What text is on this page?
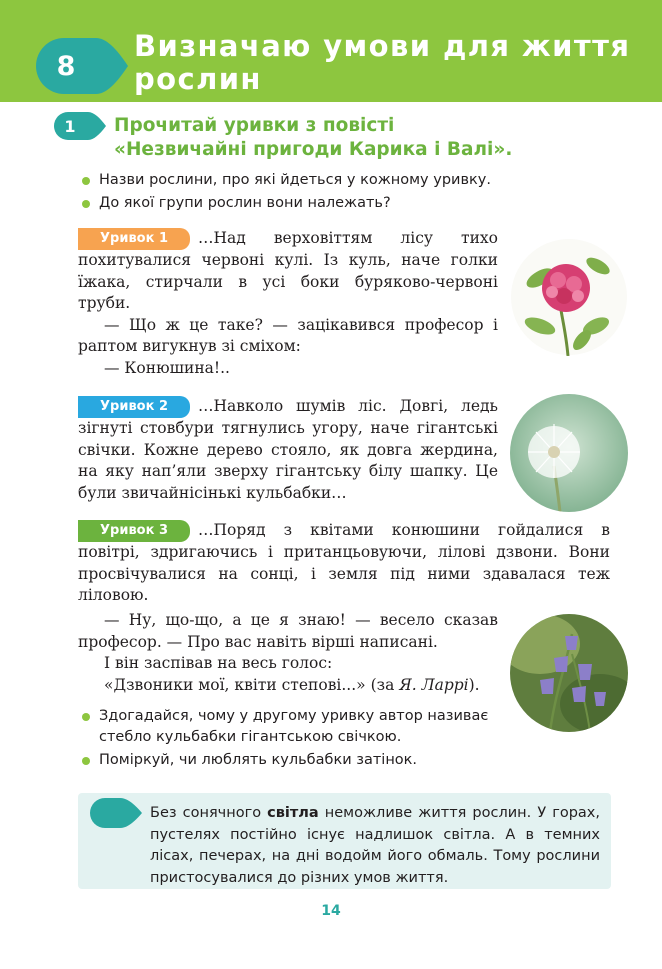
8
Визначаю умови для життя рослин
1	Прочитай уривки з повісті
«Незвичайні пригоди Карика і Валі».
Назви рослини, про які йдеться у кожному уривку.
До якої групи рослин вони належать?

Уривок 1 …Над верховіттям лісу тихо похитувалися червоні кулі. Із куль, наче голки їжака, стирчали в усі боки буряково-червоні труби.

— Що ж це таке? — зацікавився професор і раптом вигукнув зі сміхом:

— Конюшина!..

Уривок 2 …Навколо шумів ліс. Довгі, ледь зігнуті стовбури тягнулись угору, наче гігантські свічки. Кожне дерево стояло, як довга жердина, на яку нап’яли зверху гігантську білу шапку. Це були звичайнісінькі кульбабки…

Уривок 3 …Поряд з квітами конюшини гойдалися в повітрі, здригаючись і пританцьовуючи, лілові дзвони. Вони просвічувалися на сонці, і земля під ними здавалася теж ліловою.

— Ну, що-що, а це я знаю! — весело сказав професор. — Про вас навіть вірші написані.

І він заспівав на весь голос:

«Дзвоники мої, квіти степові...» (за Я. Ларрі).

Здогадайся, чому у другому уривку автор називає стебло кульбабки гігантською свічкою.
Поміркуй, чи люблять кульбабки затінок.
Без сонячного світла неможливе життя рослин. У горах, пустелях постійно існує надлишок світла. А в темних лісах, печерах, на дні водойм його обмаль. Тому рослини пристосувалися до різних умов життя.
14
